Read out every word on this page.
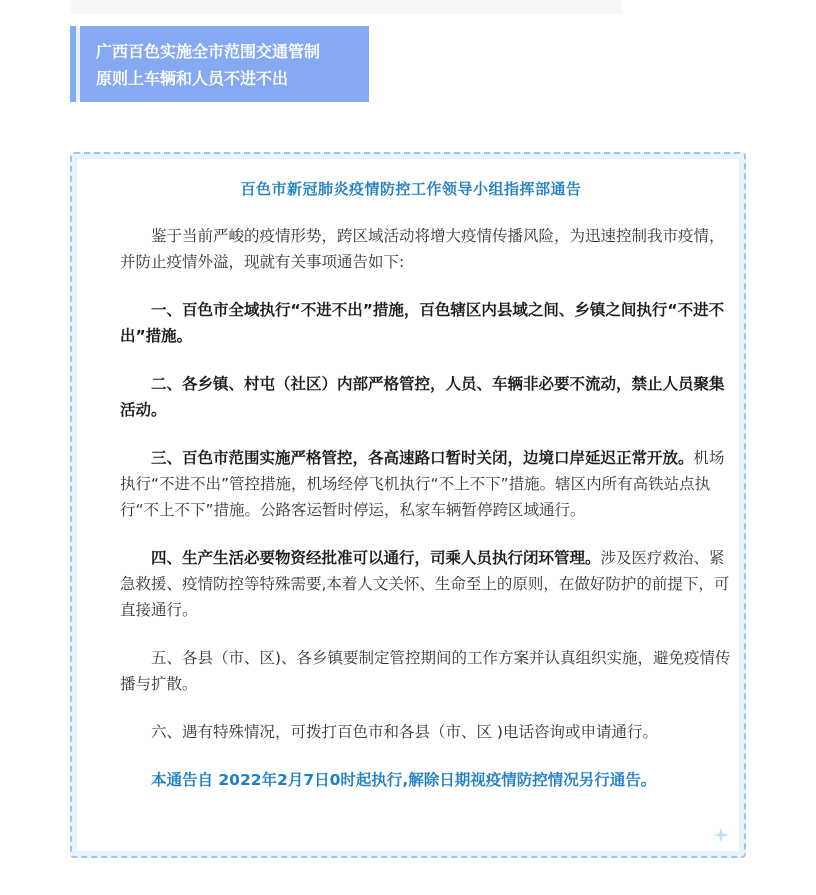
广西百色实施全市范围交通管制
原则上车辆和人员不进不出
百色市新冠肺炎疫情防控工作领导小组指挥部通告

鉴于当前严峻的疫情形势，跨区域活动将增大疫情传播风险，为迅速控制我市疫情，并防止疫情外溢，现就有关事项通告如下:

一、百色市全域执行“不进不出”措施，百色辖区内县域之间、乡镇之间执行“不进不出”措施。

二、各乡镇、村屯（社区）内部严格管控，人员、车辆非必要不流动，禁止人员聚集活动。

三、百色市范围实施严格管控，各高速路口暂时关闭，边境口岸延迟正常开放。机场执行“不进不出”管控措施，机场经停飞机执行“不上不下”措施。辖区内所有高铁站点执行“不上不下”措施。公路客运暂时停运，私家车辆暂停跨区域通行。

四、生产生活必要物资经批准可以通行，司乘人员执行闭环管理。涉及医疗救治、紧急救援、疫情防控等特殊需要,本着人文关怀、生命至上的原则，在做好防护的前提下，可直接通行。

五、各县（市、区)、各乡镇要制定管控期间的工作方案并认真组织实施，避免疫情传播与扩散。

六、遇有特殊情况，可拨打百色市和各县（市、区 )电话咨询或申请通行。

本通告自 2022年2月7日0时起执行,解除日期视疫情防控情况另行通告。
